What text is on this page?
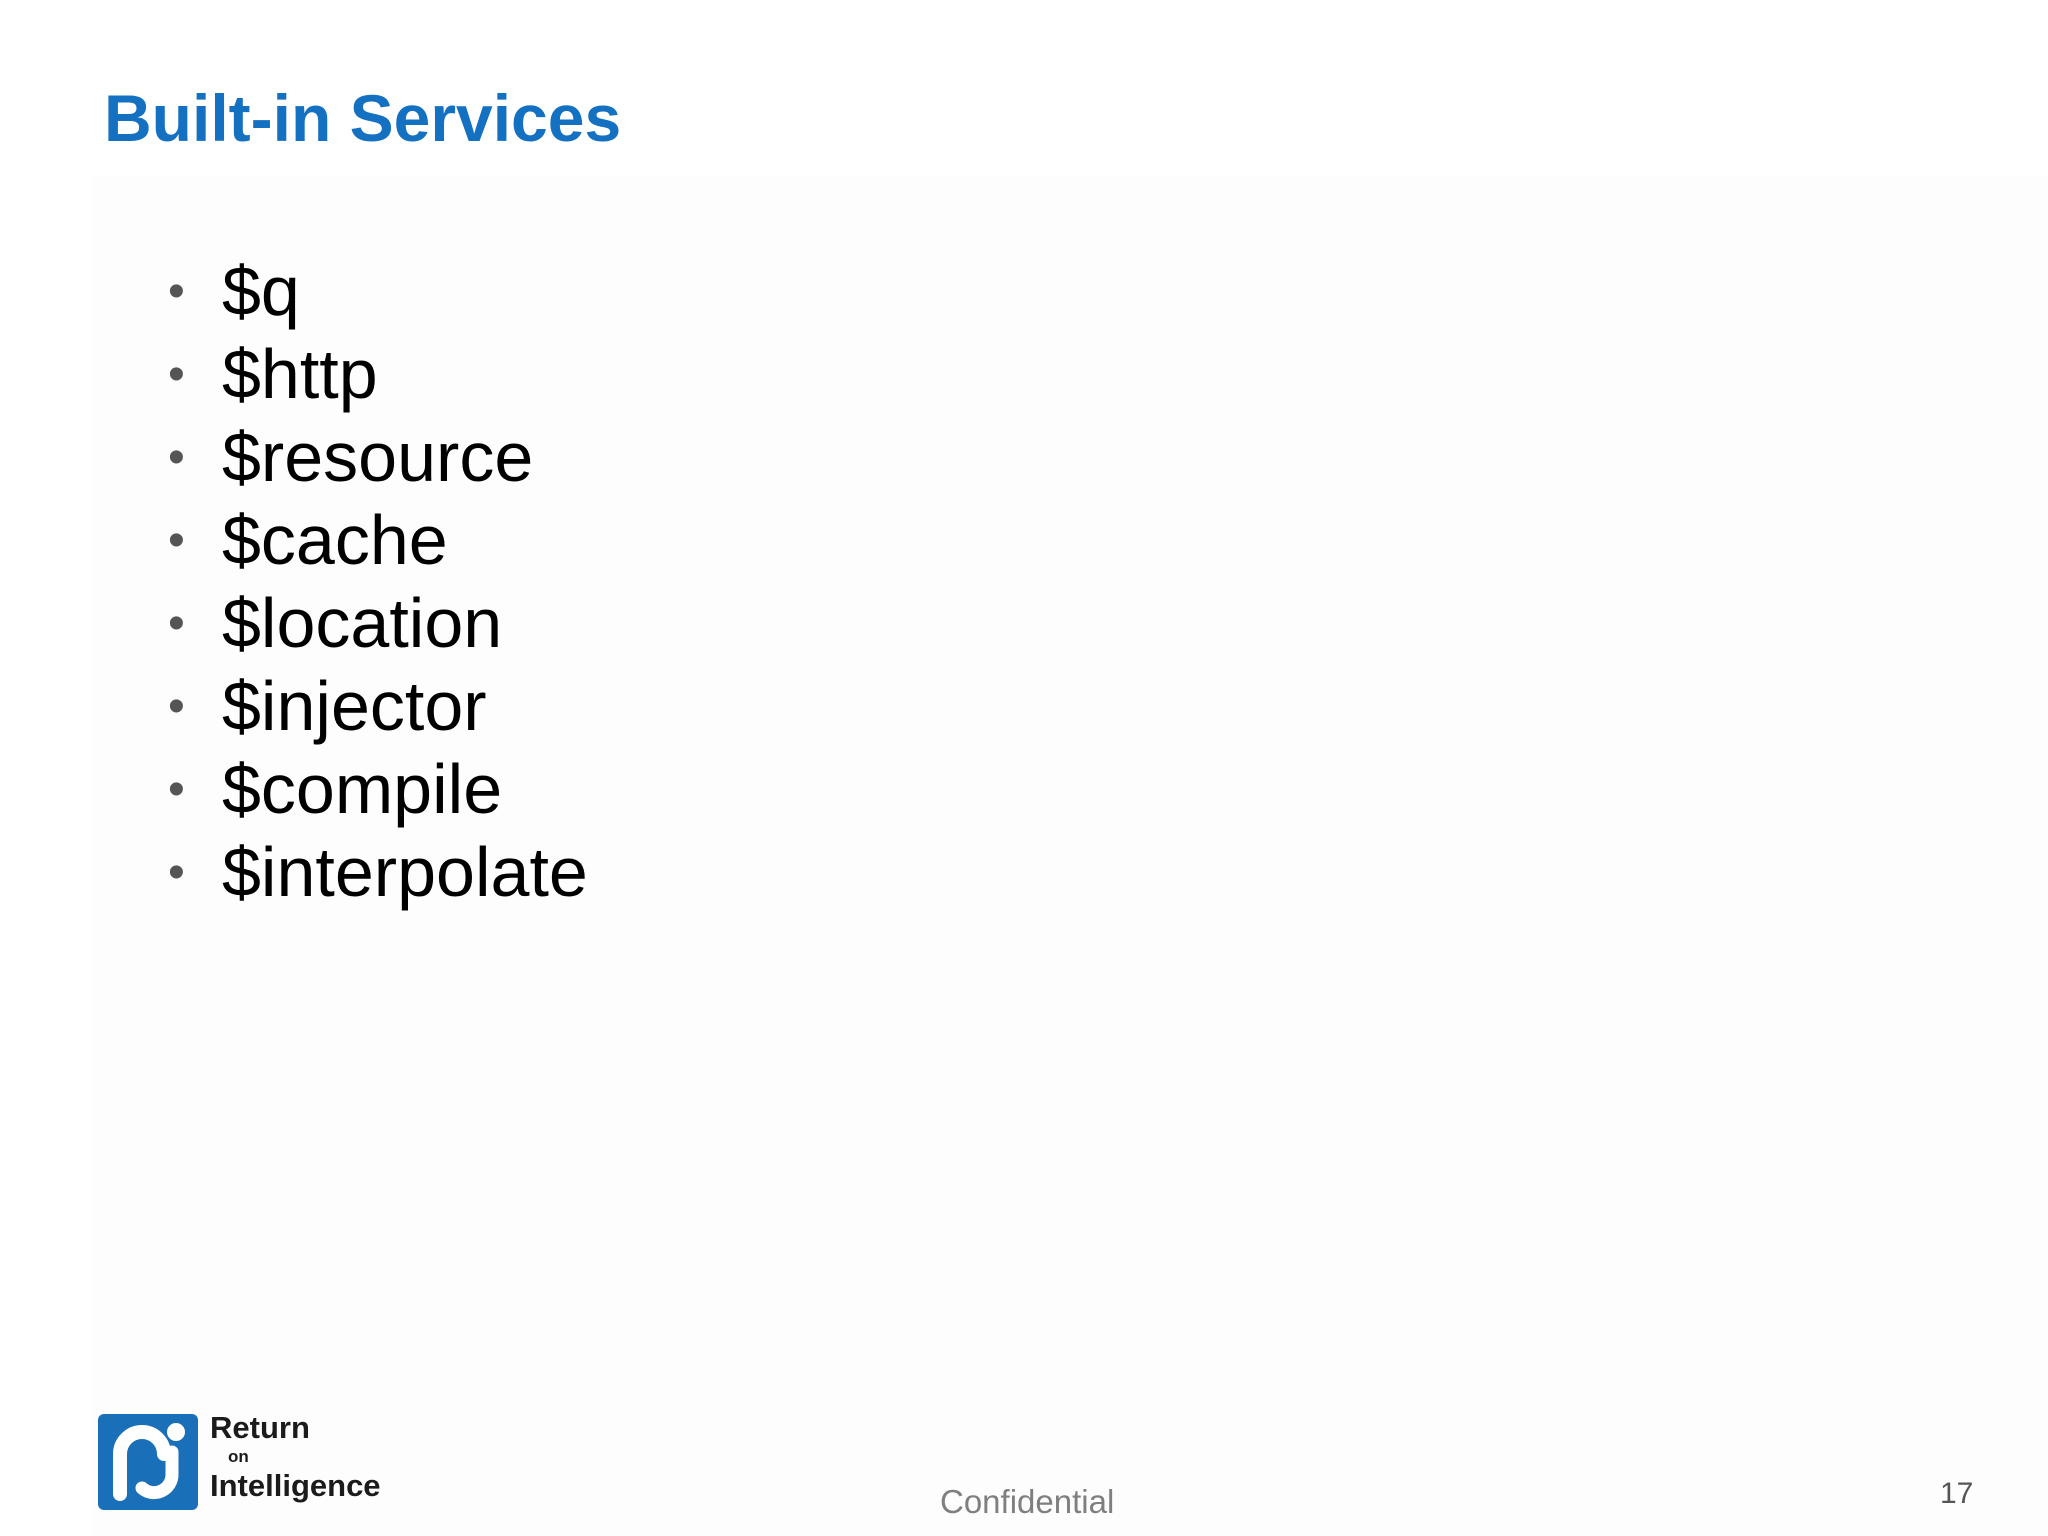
Built-in Services
• $q
• $http
• $resource
• $cache
• $location
• $injector
• $compile
• $interpolate
Return
on
Intelligence	Confidential	17
